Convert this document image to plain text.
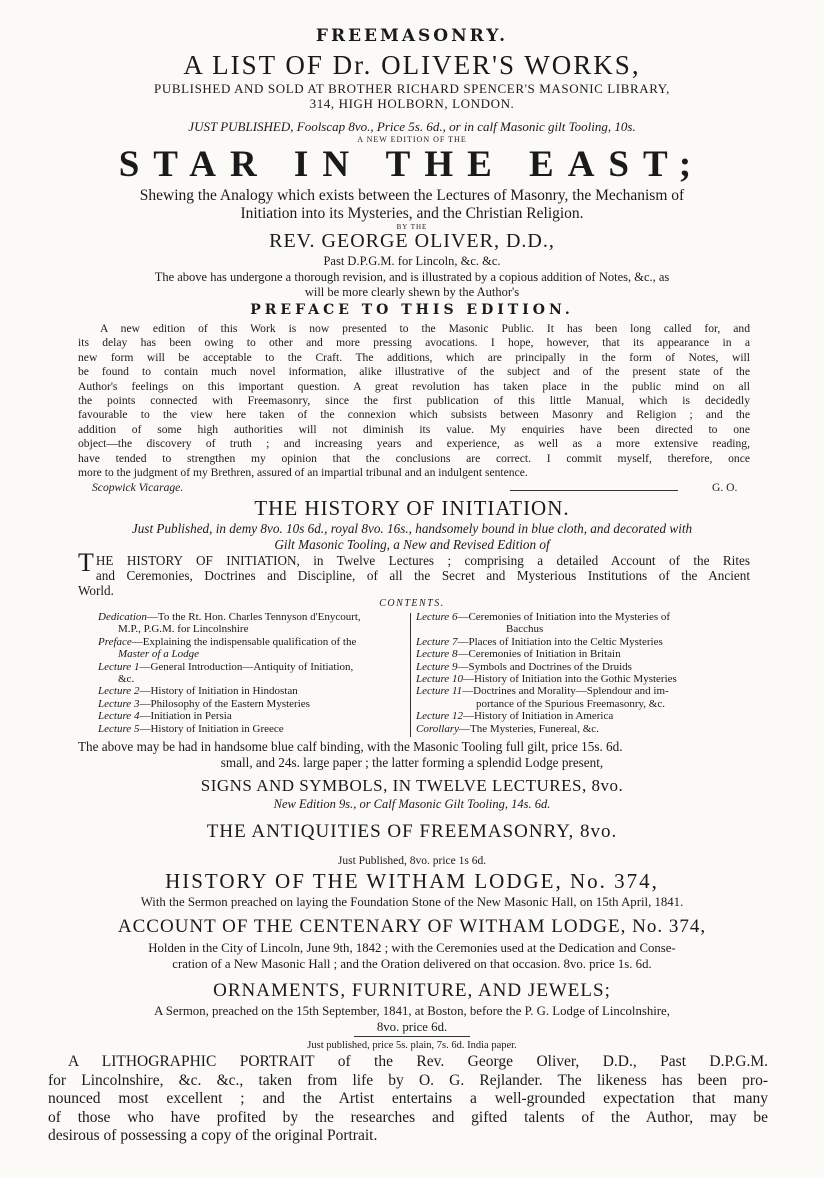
FREEMASONRY.
A LIST OF Dr. OLIVER'S WORKS,
PUBLISHED AND SOLD AT BROTHER RICHARD SPENCER'S MASONIC LIBRARY,
314, HIGH HOLBORN, LONDON.
JUST PUBLISHED, Foolscap 8vo., Price 5s. 6d., or in calf Masonic gilt Tooling, 10s.
A NEW EDITION OF THE
STAR IN THE EAST;
Shewing the Analogy which exists between the Lectures of Masonry, the Mechanism of
Initiation into its Mysteries, and the Christian Religion.
BY THE
REV. GEORGE OLIVER, D.D.,
Past D.P.G.M. for Lincoln, &c. &c.
The above has undergone a thorough revision, and is illustrated by a copious addition of Notes, &c., as
will be more clearly shewn by the Author's
PREFACE TO THIS EDITION.

A new edition of this Work is now presented to the Masonic Public. It has been long called for, and

its delay has been owing to other and more pressing avocations. I hope, however, that its appearance in a

new form will be acceptable to the Craft. The additions, which are principally in the form of Notes, will

be found to contain much novel information, alike illustrative of the subject and of the present state of the

Author's feelings on this important question. A great revolution has taken place in the public mind on all

the points connected with Freemasonry, since the first publication of this little Manual, which is decidedly

favourable to the view here taken of the connexion which subsists between Masonry and Religion ; and the

addition of some high authorities will not diminish its value. My enquiries have been directed to one

object—the discovery of truth ; and increasing years and experience, as well as a more extensive reading,

have tended to strengthen my opinion that the conclusions are correct. I commit myself, therefore, once

more to the judgment of my Brethren, assured of an impartial tribunal and an indulgent sentence.

Scopwick Vicarage.	G. O.
THE HISTORY OF INITIATION.
Just Published, in demy 8vo. 10s 6d., royal 8vo. 16s., handsomely bound in blue cloth, and decorated with
Gilt Masonic Tooling, a New and Revised Edition of
T HE HISTORY OF INITIATION, in Twelve Lectures ; comprising a detailed Account of the Rites

and Ceremonies, Doctrines and Discipline, of all the Secret and Mysterious Institutions of the Ancient

World.

CONTENTS.
Dedication—To the Rt. Hon. Charles Tennyson d'Enycourt,
M.P., P.G.M. for Lincolnshire
Preface—Explaining the indispensable qualification of the
Master of a Lodge
Lecture 1—General Introduction—Antiquity of Initiation,
&c.
Lecture 2—History of Initiation in Hindostan
Lecture 3—Philosophy of the Eastern Mysteries
Lecture 4—Initiation in Persia
Lecture 5—History of Initiation in Greece
Lecture 6—Ceremonies of Initiation into the Mysteries of
Bacchus
Lecture 7—Places of Initiation into the Celtic Mysteries
Lecture 8—Ceremonies of Initiation in Britain
Lecture 9—Symbols and Doctrines of the Druids
Lecture 10—History of Initiation into the Gothic Mysteries
Lecture 11—Doctrines and Morality—Splendour and im-
portance of the Spurious Freemasonry, &c.
Lecture 12—History of Initiation in America
Corollary—The Mysteries, Funereal, &c.
The above may be had in handsome blue calf binding, with the Masonic Tooling full gilt, price 15s. 6d.
small, and 24s. large paper ; the latter forming a splendid Lodge present,
SIGNS AND SYMBOLS, IN TWELVE LECTURES, 8vo.
New Edition 9s., or Calf Masonic Gilt Tooling, 14s. 6d.
THE ANTIQUITIES OF FREEMASONRY, 8vo.
Just Published, 8vo. price 1s 6d.
HISTORY OF THE WITHAM LODGE, No. 374,
With the Sermon preached on laying the Foundation Stone of the New Masonic Hall, on 15th April, 1841.
ACCOUNT OF THE CENTENARY OF WITHAM LODGE, No. 374,
Holden in the City of Lincoln, June 9th, 1842 ; with the Ceremonies used at the Dedication and Conse-
cration of a New Masonic Hall ; and the Oration delivered on that occasion. 8vo. price 1s. 6d.
ORNAMENTS, FURNITURE, AND JEWELS;
A Sermon, preached on the 15th September, 1841, at Boston, before the P. G. Lodge of Lincolnshire,
8vo. price 6d.
Just published, price 5s. plain, 7s. 6d. India paper.

A LITHOGRAPHIC PORTRAIT of the Rev. George Oliver, D.D., Past D.P.G.M.

for Lincolnshire, &c. &c., taken from life by O. G. Rejlander. The likeness has been pro-

nounced most excellent ; and the Artist entertains a well-grounded expectation that many

of those who have profited by the researches and gifted talents of the Author, may be

desirous of possessing a copy of the original Portrait.
